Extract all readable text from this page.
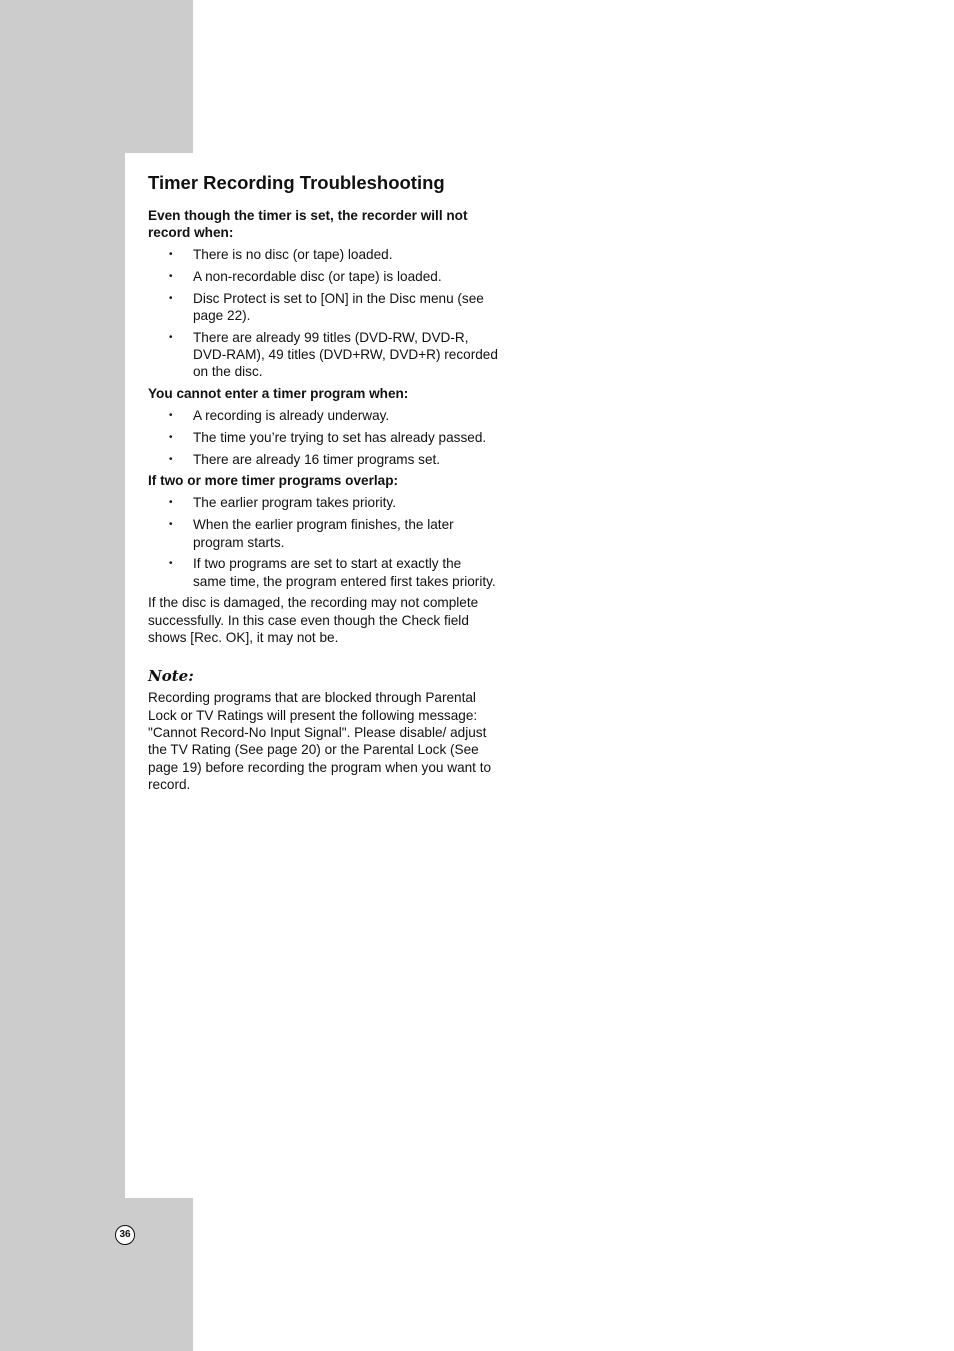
Timer Recording Troubleshooting

Even though the timer is set, the recorder will not record when:

• There is no disc (or tape) loaded.
• A non-recordable disc (or tape) is loaded.
• Disc Protect is set to [ON] in the Disc menu (see page 22).
• There are already 99 titles (DVD-RW, DVD-R, DVD-RAM), 49 titles (DVD+RW, DVD+R) recorded on the disc.

You cannot enter a timer program when:

• A recording is already underway.
• The time you’re trying to set has already passed.
• There are already 16 timer programs set.

If two or more timer programs overlap:

• The earlier program takes priority.
• When the earlier program finishes, the later program starts.
• If two programs are set to start at exactly the same time, the program entered first takes priority.

If the disc is damaged, the recording may not complete successfully. In this case even though the Check field shows [Rec. OK], it may not be.

Note:

Recording programs that are blocked through Parental Lock or TV Ratings will present the following message: "Cannot Record-No Input Signal". Please disable/ adjust the TV Rating (See page 20) or the Parental Lock (See page 19) before recording the program when you want to record.

36
